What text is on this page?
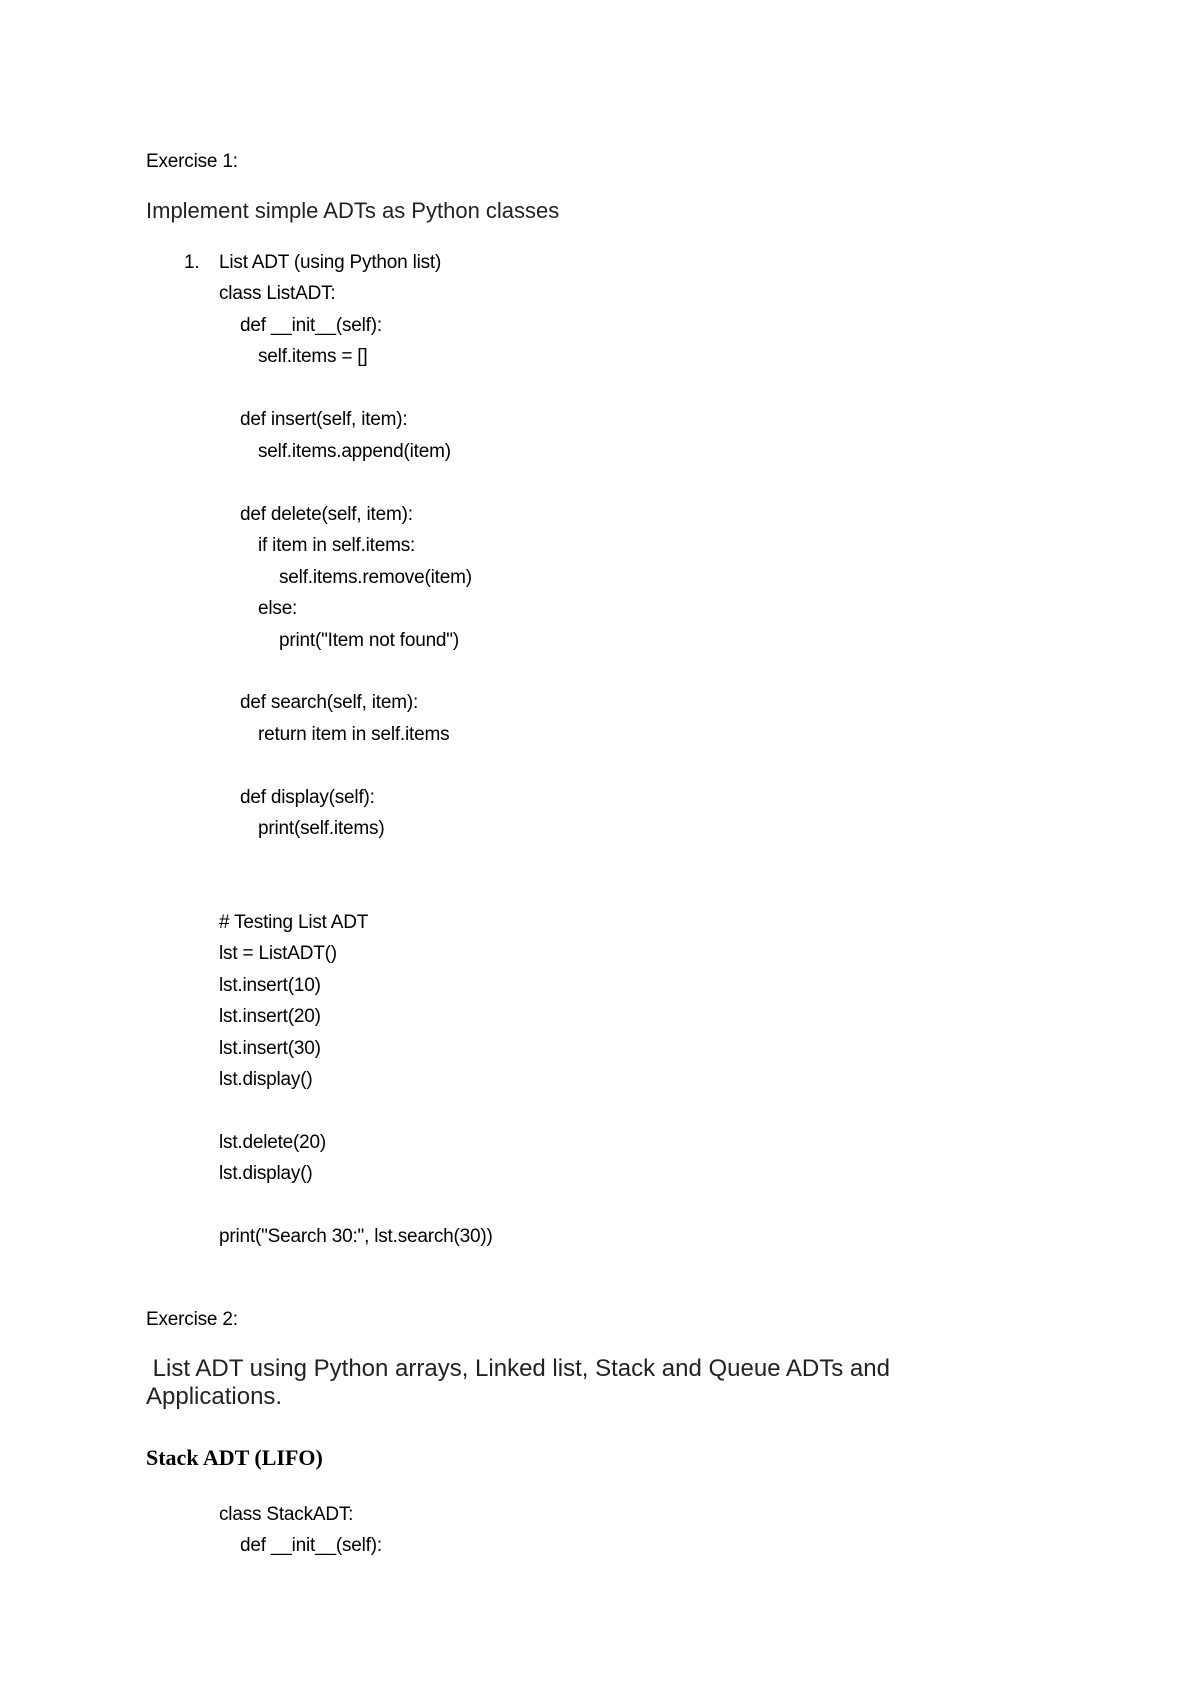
Exercise 1:
Implement simple ADTs as Python classes
1. List ADT (using Python list)
class ListADT:
def __init__(self):
self.items = []
def insert(self, item):
self.items.append(item)
def delete(self, item):
if item in self.items:
self.items.remove(item)
else:
print("Item not found")
def search(self, item):
return item in self.items
def display(self):
print(self.items)
# Testing List ADT
lst = ListADT()
lst.insert(10)
lst.insert(20)
lst.insert(30)
lst.display()
lst.delete(20)
lst.display()
print("Search 30:", lst.search(30))
Exercise 2:
List ADT using Python arrays, Linked list, Stack and Queue ADTs and
Applications.
Stack ADT (LIFO)
class StackADT:
def __init__(self):
